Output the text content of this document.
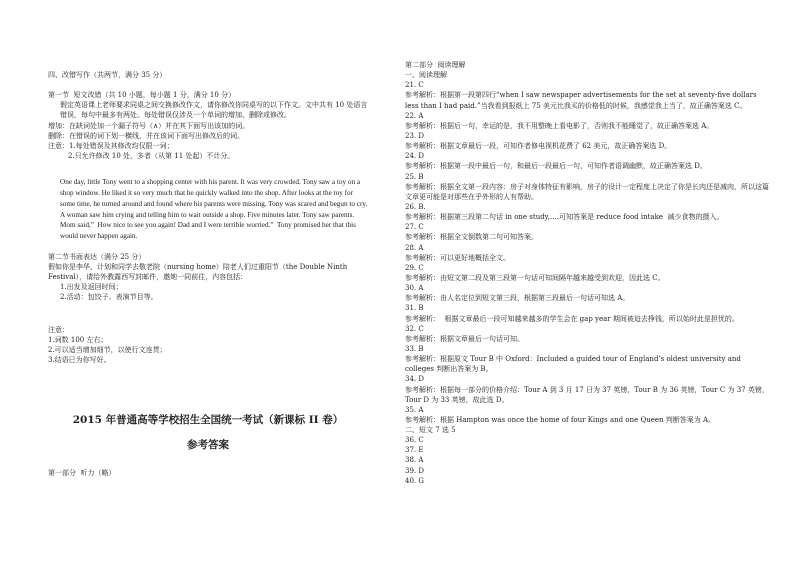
四、改错写作（共两节，满分 35 分）

第一节  短文改错（共 10 小题，每小题 1 分，满分 10 分）

假定英语课上老师要求同桌之间交换修改作文，请你修改你同桌写的以下作文。文中共有 10 处语言错误，每句中最多有两处。每处错误仅涉及一个单词的增加、删除或修改。

增加：在缺词处加一个漏子符号（∧）并在其下面写出该加的词。

删除：在错误的词下划一横线，并在该词下面写出修改后的词。

注意：1.每处错误及其修改均仅限一词；

2.只允许修改 10 处，多者（从第 11 处起）不计分。

One day, little Tony went to a shopping center with his parent. It was very crowded. Tony saw a toy on a shop window. He liked it so very much that he quickly walked into the shop. After looks at the toy for some time, he turned around and found where his parents were missing. Tony was scared and begun to cry. A woman saw him crying and telling him to wait outside a shop. Five minutes later. Tony saw parents. Mom said,”  How nice to see you again! Dad and I were terrible worried.”  Tony promised her that this would never happen again.

第二节书面表达（满分 25 分）

假如你是李华，计划和同学去敬老院（nursing home）陪老人们过重阳节（the Double Ninth Festival），请给外教露西写封邮件，邀她一同前往，内容包括：

1.出发及返回时间；

2.活动：包饺子、表演节目等。

注意：

1.词数 100 左右；

2.可以适当增加细节，以使行文连贯；

3.结语已为你写好。

2015 年普通高等学校招生全国统一考试（新课标 II 卷）

参考答案

第一部分  听力（略）

第二部分  阅读理解

一、阅读理解

21. C

参考解析：根据第一段第四行“when I saw newspaper advertisements for the set at seventy-five dollars less than I had paid.”当我看到报纸上 75 美元比我买的价格低的时候，我感觉我上当了，故正确答案选 C。

22. A

参考解析：根据后一句，幸运的是，我不用整晚上看电影了，否则我不能睡觉了，故正确答案选 A。

23. D

参考解析：根据文章最后一段，可知作者修电视机花费了 62 美元，故正确答案选 D。

24. D

参考解析：根据第一段中最后一句，和最后一段最后一句，可知作者语调幽默，故正确答案选 D。

25. B

参考解析：根据全文第一段内容：房子对身体特征有影响，房子的设计一定程度上决定了你是长肉还是减肉，所以这篇文章更可能是对那些在乎外形的人有帮助。

26. B.

参考解析：根据第三段第二句话 in one study,….可知答案是 reduce food intake  减少食物的摄入。

27. C

参考解析：根据全文倒数第二句可知答案。

28. A

参考解析：可以更好地概括全文。

29. C

参考解析：由短文第二段及第三段第一句话可知间隔年越来越受到欢迎，因此选 C。

30. A

参考解析：由人名定位到短文第三段，根据第三段最后一句话可知选 A。

31. B

参考解析：  根据文章最后一段可知越来越多的学生会在 gap year 期间被迫去挣钱，所以始时此是担忧的。

32. C

参考解析：根据文章最后一句话可知。

33. B

参考解析：根据原文 Tour B 中 Oxford：Included a guided tour of England’s oldest university and colleges 判断出答案为 B。

34. D

参考解析：根据每一部分的价格介绍：Tour A 到 3 月 17 日为 37 英镑，Tour B 为 36 英镑，Tour C 为 37 英镑，Tour D 为 33 英镑，故此选 D。

35. A

参考解析：根据 Hampton was once the home of four Kings and one Queen 判断答案为 A。

二、短文 7 选 5

36. C

37. E

38. A

39. D

40. G
